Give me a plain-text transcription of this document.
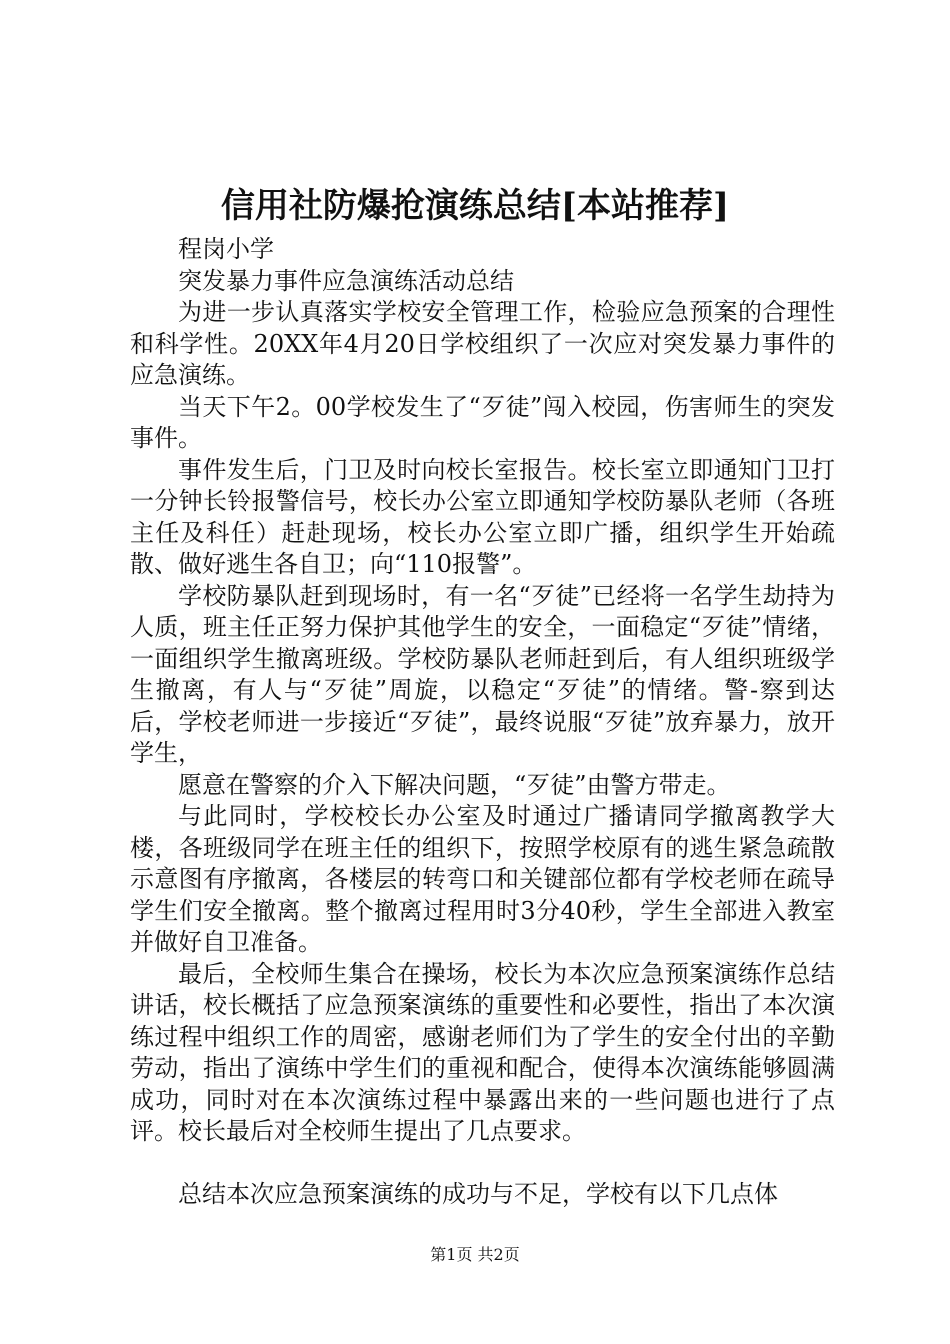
信用社防爆抢演练总结[本站推荐]

程岗小学

突发暴力事件应急演练活动总结

为进一步认真落实学校安全管理工作，检验应急预案的合理性和科学性。20XX年4月20日学校组织了一次应对突发暴力事件的应急演练。

当天下午2。00学校发生了“歹徒”闯入校园，伤害师生的突发事件。

事件发生后，门卫及时向校长室报告。校长室立即通知门卫打一分钟长铃报警信号，校长办公室立即通知学校防暴队老师（各班主任及科任）赶赴现场，校长办公室立即广播，组织学生开始疏散、做好逃生各自卫；向“110报警”。

学校防暴队赶到现场时，有一名“歹徒”已经将一名学生劫持为人质，班主任正努力保护其他学生的安全，一面稳定“歹徒”情绪，一面组织学生撤离班级。学校防暴队老师赶到后，有人组织班级学生撤离，有人与“歹徒”周旋，以稳定“歹徒”的情绪。警-察到达后，学校老师进一步接近“歹徒”，最终说服“歹徒”放弃暴力，放开学生，

愿意在警察的介入下解决问题，“歹徒”由警方带走。

与此同时，学校校长办公室及时通过广播请同学撤离教学大楼，各班级同学在班主任的组织下，按照学校原有的逃生紧急疏散示意图有序撤离，各楼层的转弯口和关键部位都有学校老师在疏导学生们安全撤离。整个撤离过程用时3分40秒，学生全部进入教室并做好自卫准备。

最后，全校师生集合在操场，校长为本次应急预案演练作总结讲话，校长概括了应急预案演练的重要性和必要性，指出了本次演练过程中组织工作的周密，感谢老师们为了学生的安全付出的辛勤劳动，指出了演练中学生们的重视和配合，使得本次演练能够圆满成功，同时对在本次演练过程中暴露出来的一些问题也进行了点评。校长最后对全校师生提出了几点要求。

总结本次应急预案演练的成功与不足，学校有以下几点体

第1页 共2页
